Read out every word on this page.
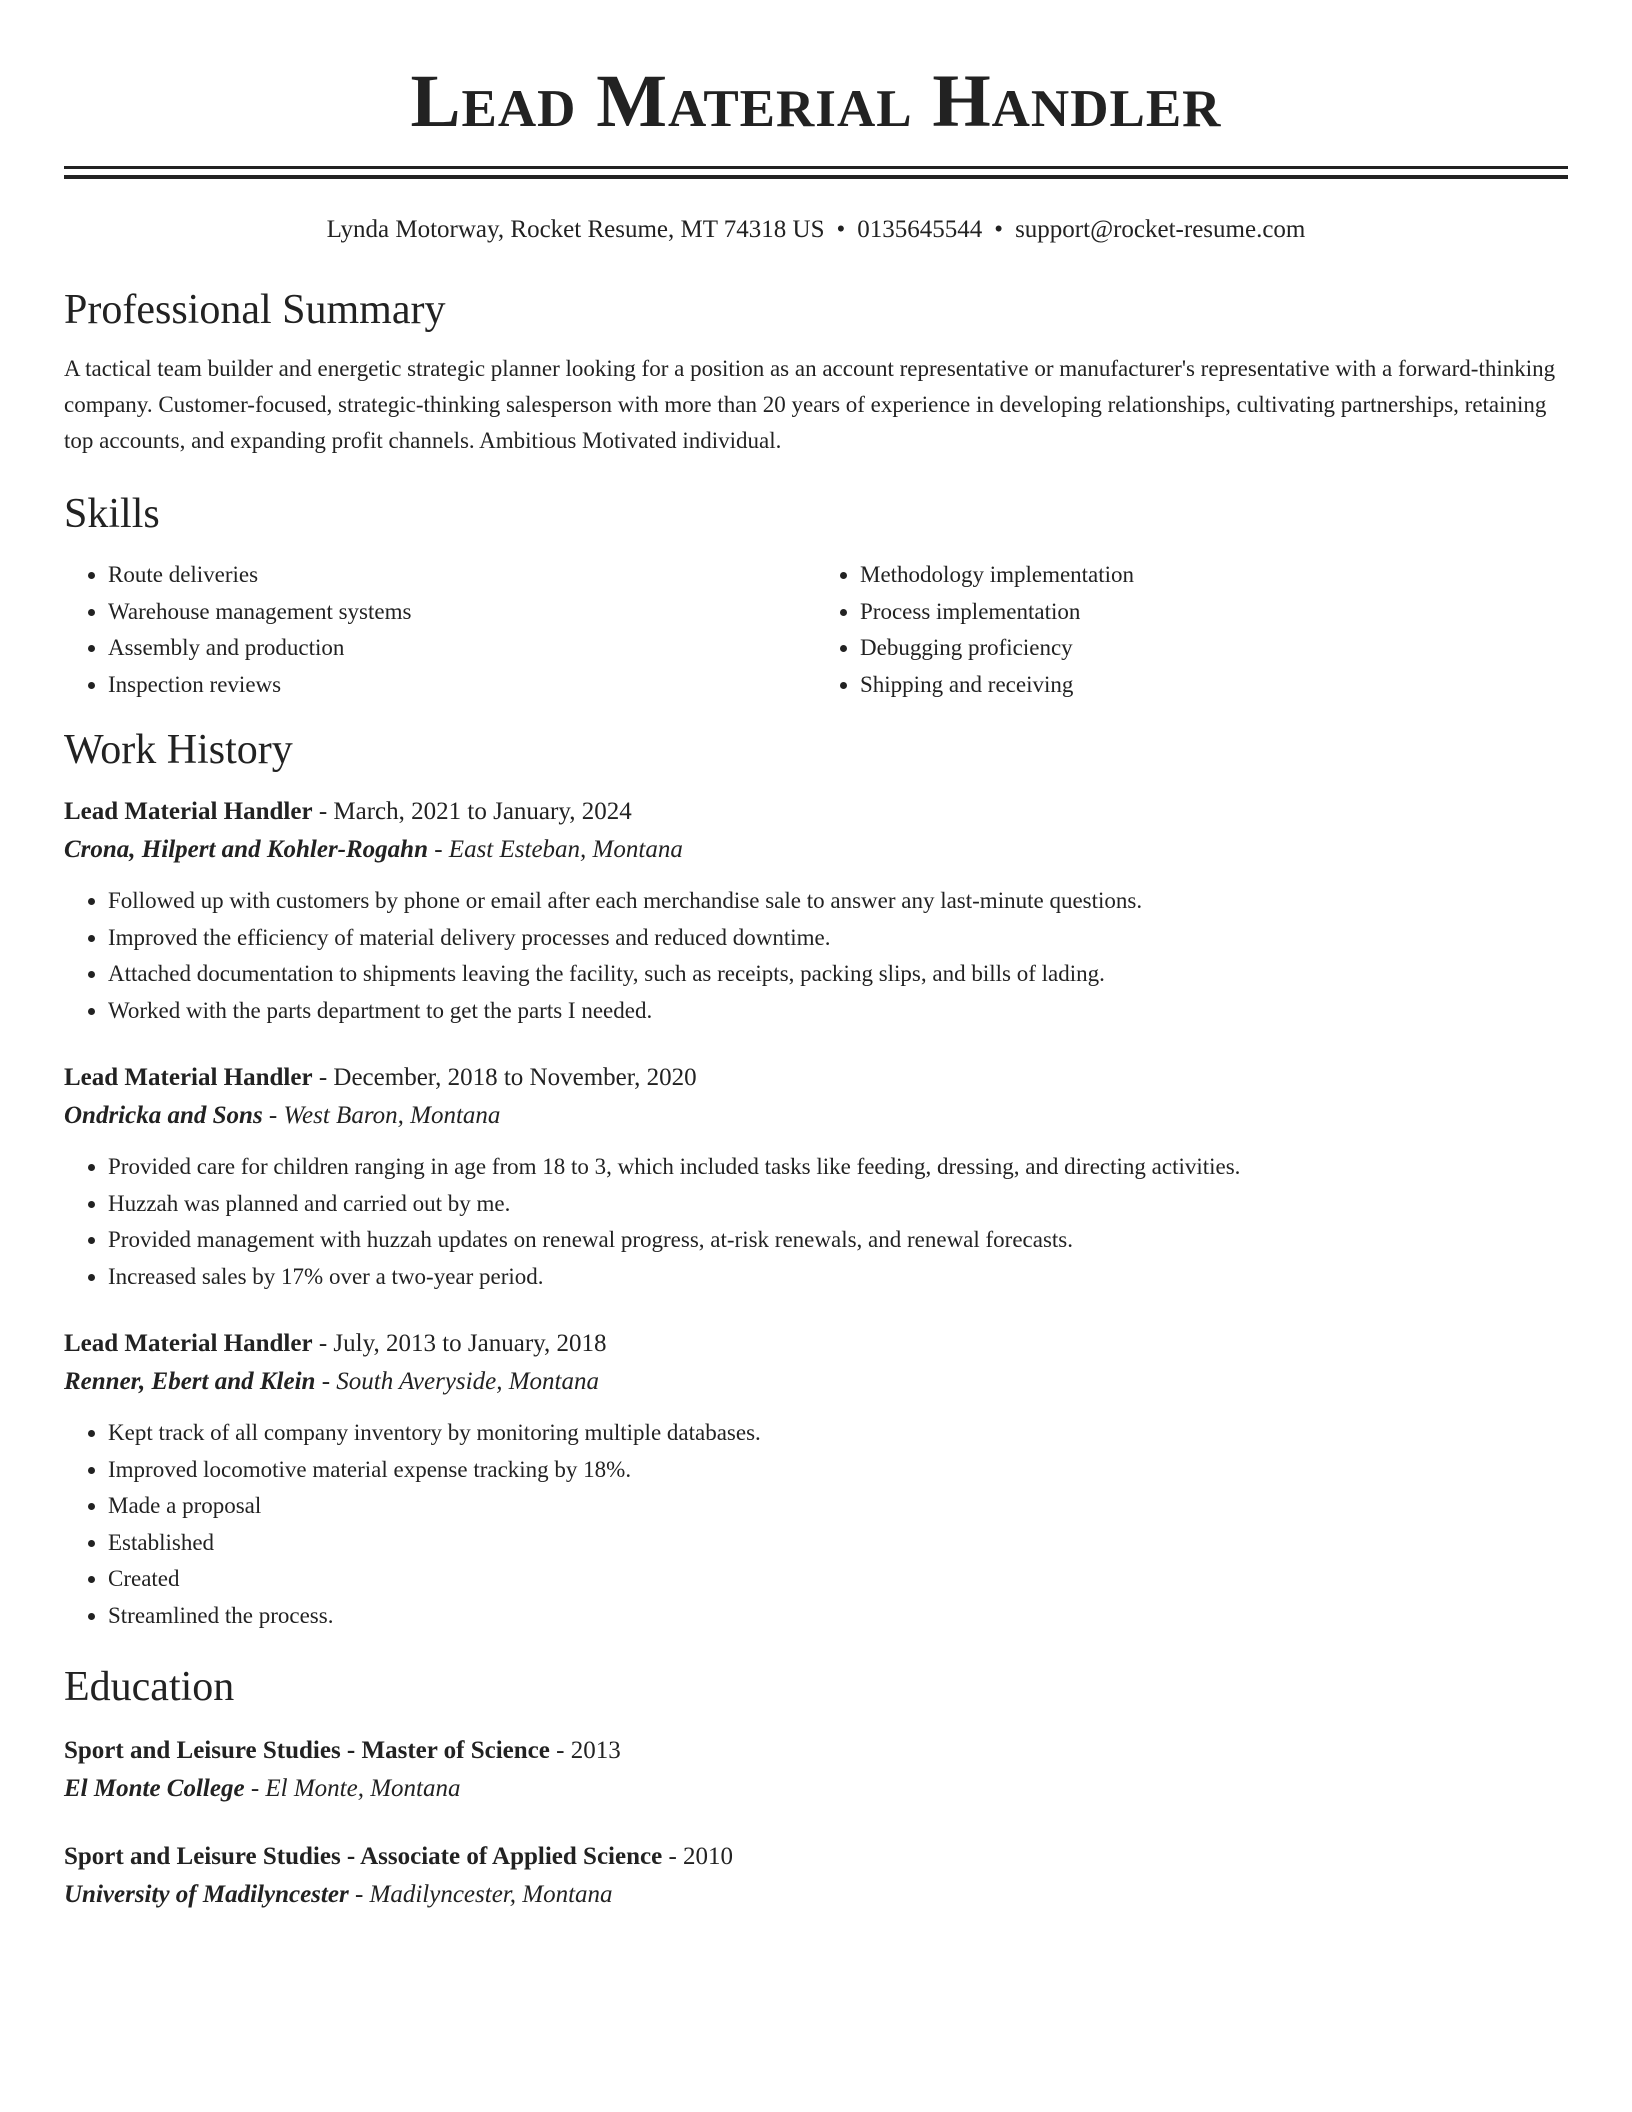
Lead Material Handler
Lynda Motorway, Rocket Resume, MT 74318 US • 0135645544 • support@rocket-resume.com
Professional Summary
A tactical team builder and energetic strategic planner looking for a position as an account representative or manufacturer's representative with a forward-thinking company. Customer-focused, strategic-thinking salesperson with more than 20 years of experience in developing relationships, cultivating partnerships, retaining top accounts, and expanding profit channels. Ambitious Motivated individual.
Skills
• Route deliveries
• Warehouse management systems
• Assembly and production
• Inspection reviews
• Methodology implementation
• Process implementation
• Debugging proficiency
• Shipping and receiving
Work History
Lead Material Handler - March, 2021 to January, 2024
Crona, Hilpert and Kohler-Rogahn - East Esteban, Montana
• Followed up with customers by phone or email after each merchandise sale to answer any last-minute questions.
• Improved the efficiency of material delivery processes and reduced downtime.
• Attached documentation to shipments leaving the facility, such as receipts, packing slips, and bills of lading.
• Worked with the parts department to get the parts I needed.
Lead Material Handler - December, 2018 to November, 2020
Ondricka and Sons - West Baron, Montana
• Provided care for children ranging in age from 18 to 3, which included tasks like feeding, dressing, and directing activities.
• Huzzah was planned and carried out by me.
• Provided management with huzzah updates on renewal progress, at-risk renewals, and renewal forecasts.
• Increased sales by 17% over a two-year period.
Lead Material Handler - July, 2013 to January, 2018
Renner, Ebert and Klein - South Averyside, Montana
• Kept track of all company inventory by monitoring multiple databases.
• Improved locomotive material expense tracking by 18%.
• Made a proposal
• Established
• Created
• Streamlined the process.
Education
Sport and Leisure Studies - Master of Science - 2013
El Monte College - El Monte, Montana
Sport and Leisure Studies - Associate of Applied Science - 2010
University of Madilyncester - Madilyncester, Montana
